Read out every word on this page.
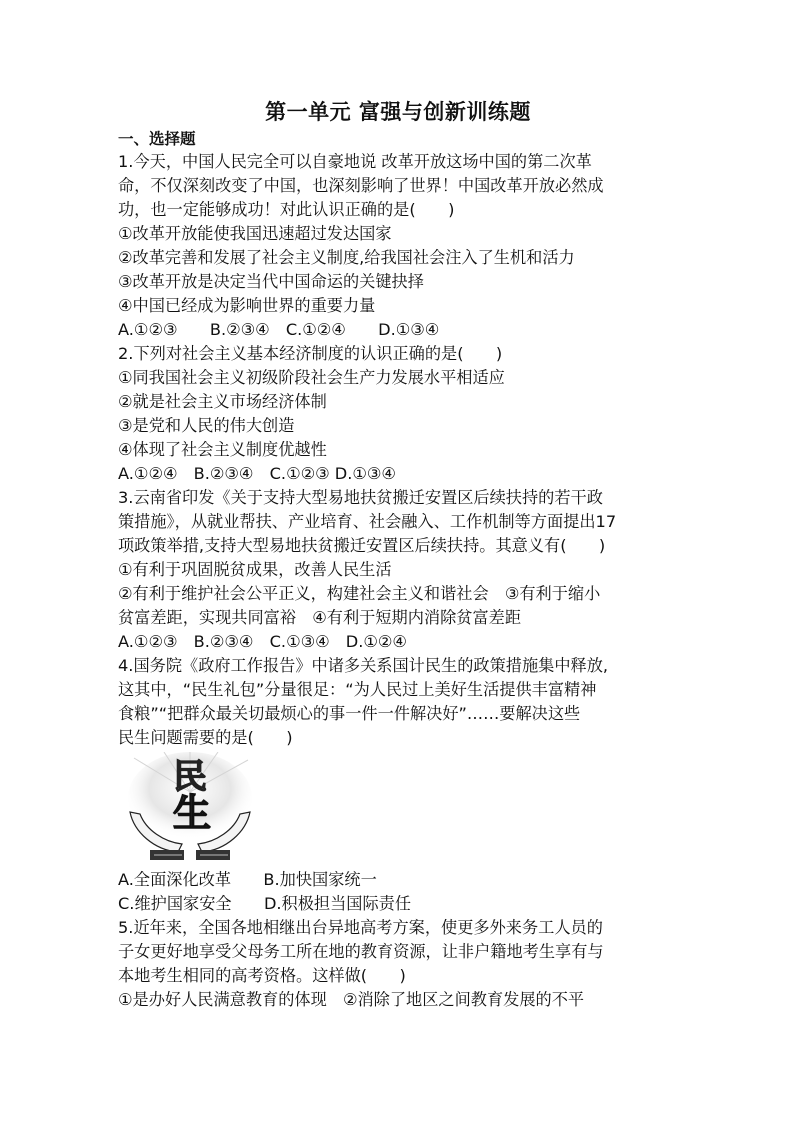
第一单元 富强与创新训练题
一、选择题
1.今天，中国人民完全可以自豪地说 改革开放这场中国的第二次革
命，不仅深刻改变了中国，也深刻影响了世界！中国改革开放必然成
功，也一定能够成功！对此认识正确的是(　　)
①改革开放能使我国迅速超过发达国家
②改革完善和发展了社会主义制度,给我国社会注入了生机和活力
③改革开放是决定当代中国命运的关键抉择
④中国已经成为影响世界的重要力量
A.①②③　　B.②③④　C.①②④　　D.①③④
2.下列对社会主义基本经济制度的认识正确的是(　　)
①同我国社会主义初级阶段社会生产力发展水平相适应
②就是社会主义市场经济体制
③是党和人民的伟大创造
④体现了社会主义制度优越性
A.①②④　B.②③④　C.①②③ D.①③④
3.云南省印发《关于支持大型易地扶贫搬迁安置区后续扶持的若干政
策措施》，从就业帮扶、产业培育、社会融入、工作机制等方面提出17
项政策举措,支持大型易地扶贫搬迁安置区后续扶持。其意义有(　　)
①有利于巩固脱贫成果，改善人民生活
②有利于维护社会公平正义，构建社会主义和谐社会　③有利于缩小
贫富差距，实现共同富裕　④有利于短期内消除贫富差距
A.①②③　B.②③④　C.①③④　D.①②④
4.国务院《政府工作报告》中诸多关系国计民生的政策措施集中释放,
这其中，“民生礼包”分量很足：“为人民过上美好生活提供丰富精神
食粮”“把群众最关切最烦心的事一件一件解决好”……要解决这些
民生问题需要的是(　　)
民
生
A.全面深化改革　　B.加快国家统一
C.维护国家安全　　D.积极担当国际责任
5.近年来，全国各地相继出台异地高考方案，使更多外来务工人员的
子女更好地享受父母务工所在地的教育资源，让非户籍地考生享有与
本地考生相同的高考资格。这样做(　　)
①是办好人民满意教育的体现　②消除了地区之间教育发展的不平
